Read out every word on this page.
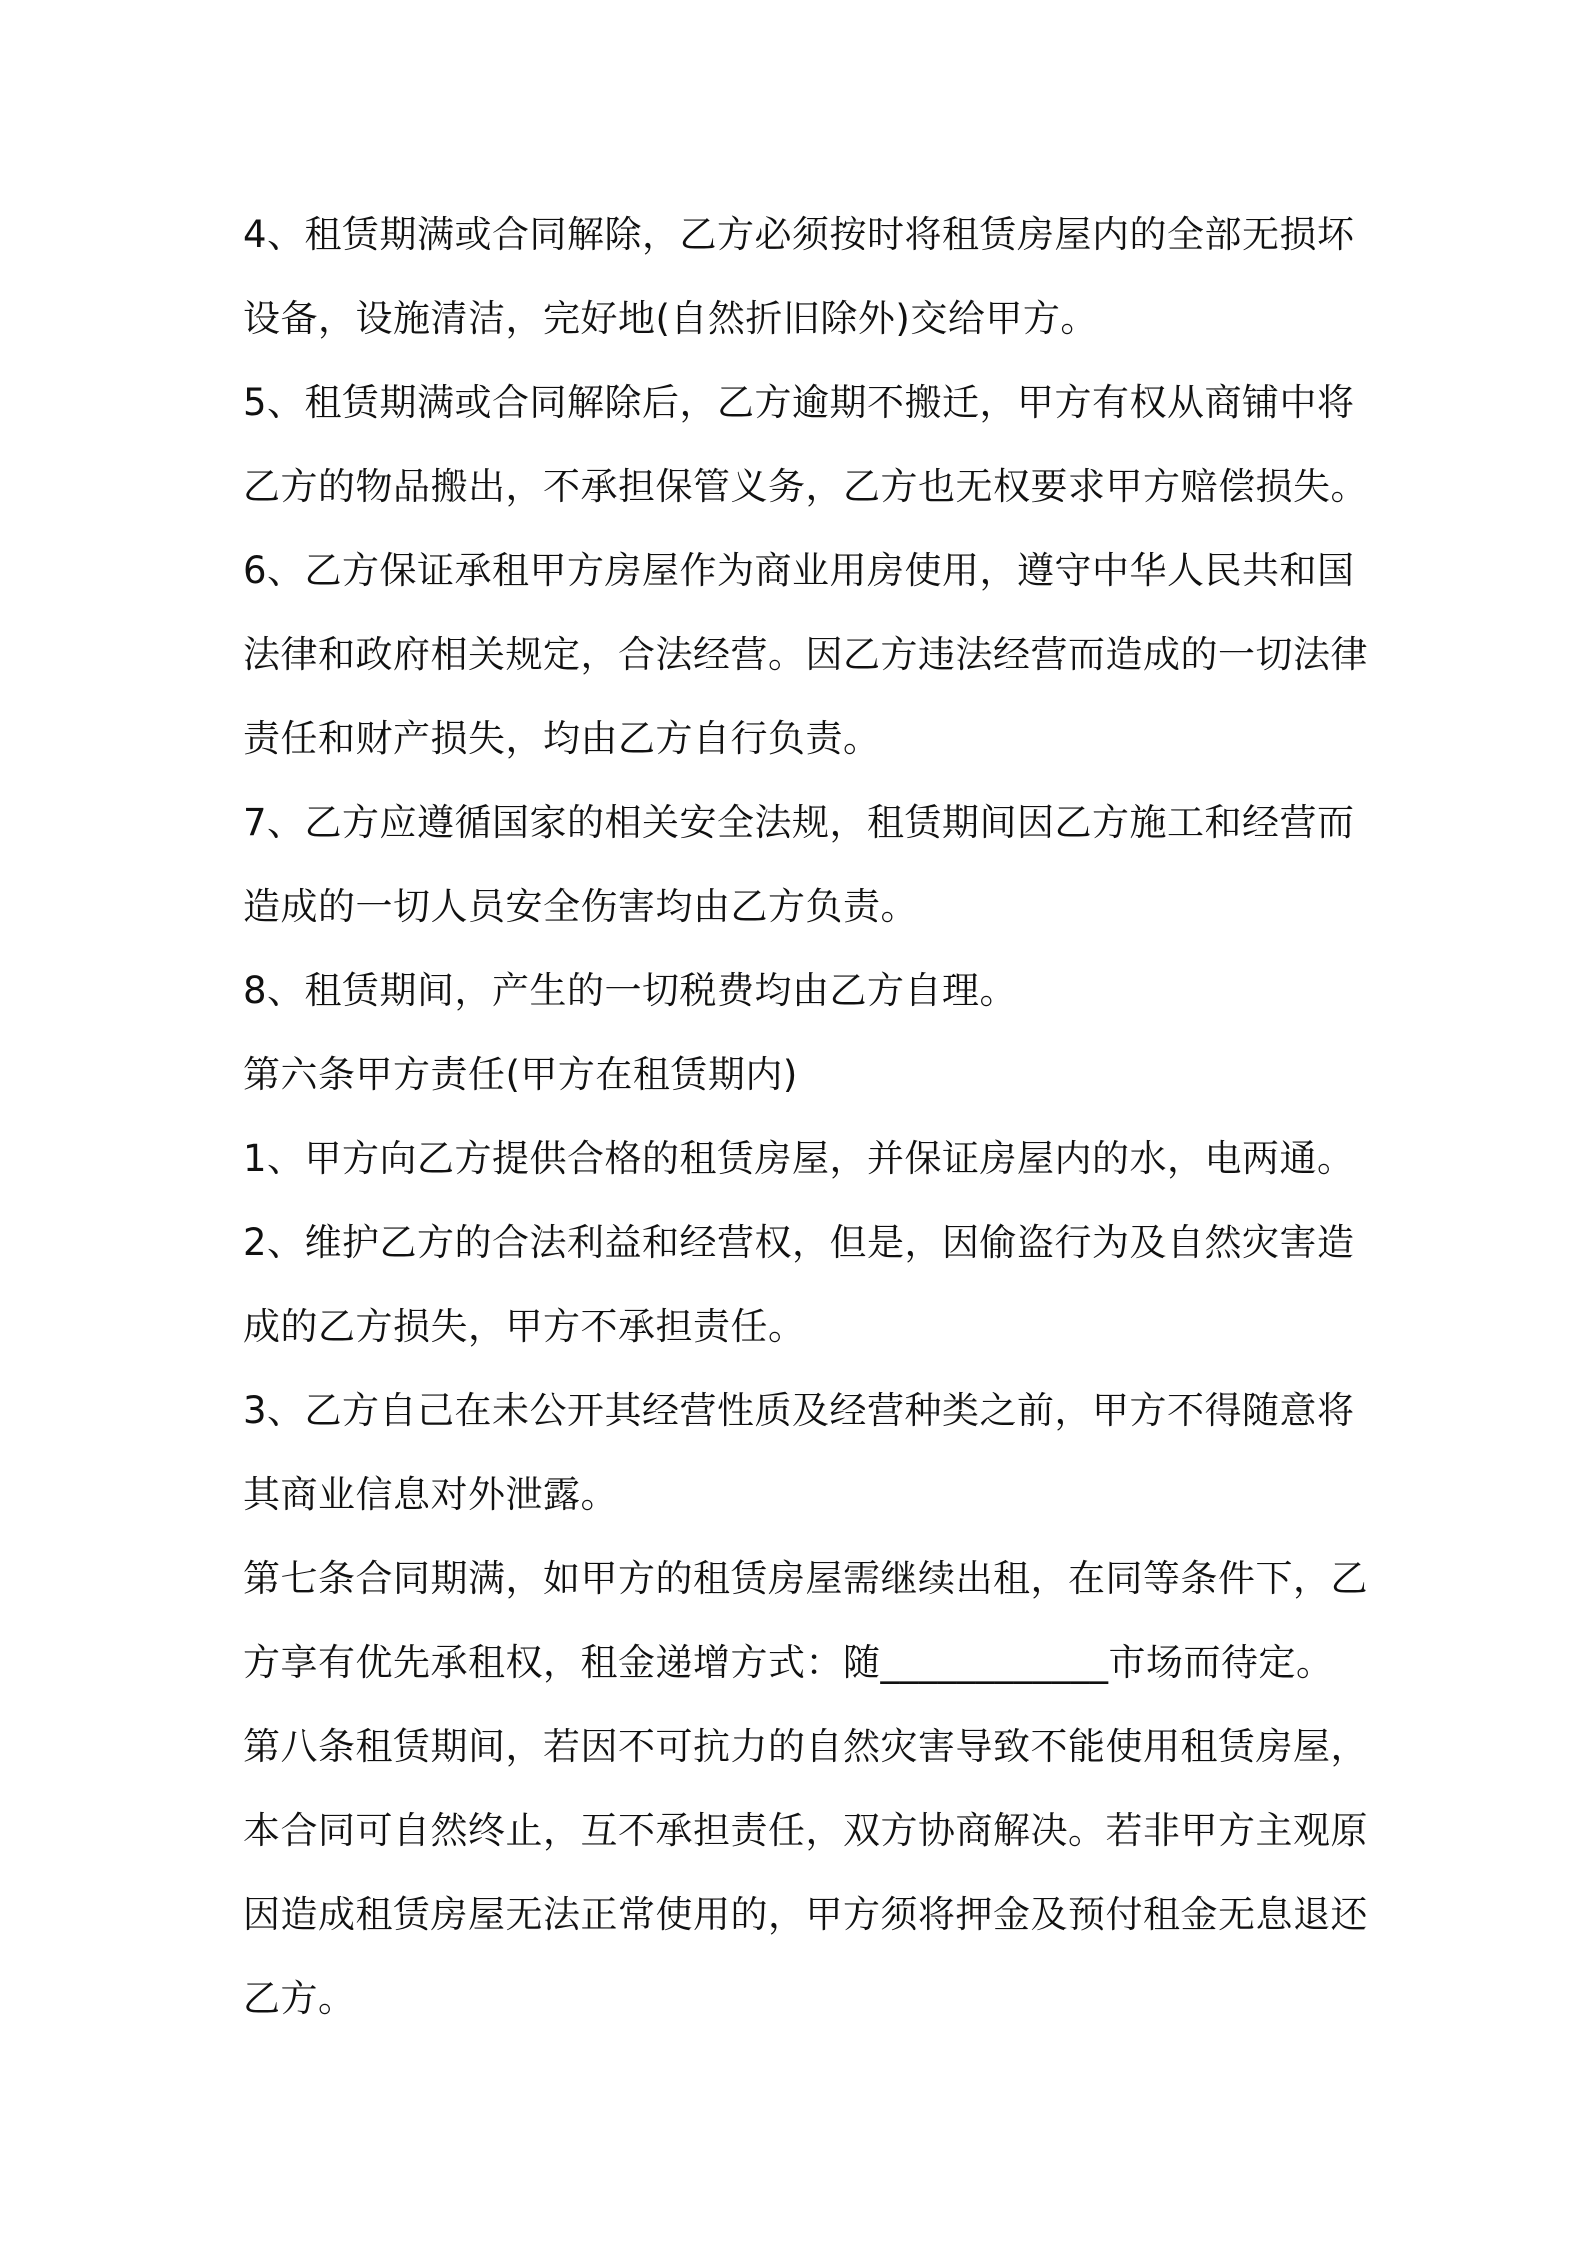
4、租赁期满或合同解除，乙方必须按时将租赁房屋内的全部无损坏
设备，设施清洁，完好地(自然折旧除外)交给甲方。
5、租赁期满或合同解除后，乙方逾期不搬迁，甲方有权从商铺中将
乙方的物品搬出，不承担保管义务，乙方也无权要求甲方赔偿损失。
6、乙方保证承租甲方房屋作为商业用房使用，遵守中华人民共和国
法律和政府相关规定，合法经营。因乙方违法经营而造成的一切法律
责任和财产损失，均由乙方自行负责。
7、乙方应遵循国家的相关安全法规，租赁期间因乙方施工和经营而
造成的一切人员安全伤害均由乙方负责。
8、租赁期间，产生的一切税费均由乙方自理。
第六条甲方责任(甲方在租赁期内)
1、甲方向乙方提供合格的租赁房屋，并保证房屋内的水，电两通。
2、维护乙方的合法利益和经营权，但是，因偷盗行为及自然灾害造
成的乙方损失，甲方不承担责任。
3、乙方自己在未公开其经营性质及经营种类之前，甲方不得随意将
其商业信息对外泄露。
第七条合同期满，如甲方的租赁房屋需继续出租，在同等条件下，乙
方享有优先承租权，租金递增方式：随____________市场而待定。
第八条租赁期间，若因不可抗力的自然灾害导致不能使用租赁房屋，
本合同可自然终止，互不承担责任，双方协商解决。若非甲方主观原
因造成租赁房屋无法正常使用的，甲方须将押金及预付租金无息退还
乙方。
